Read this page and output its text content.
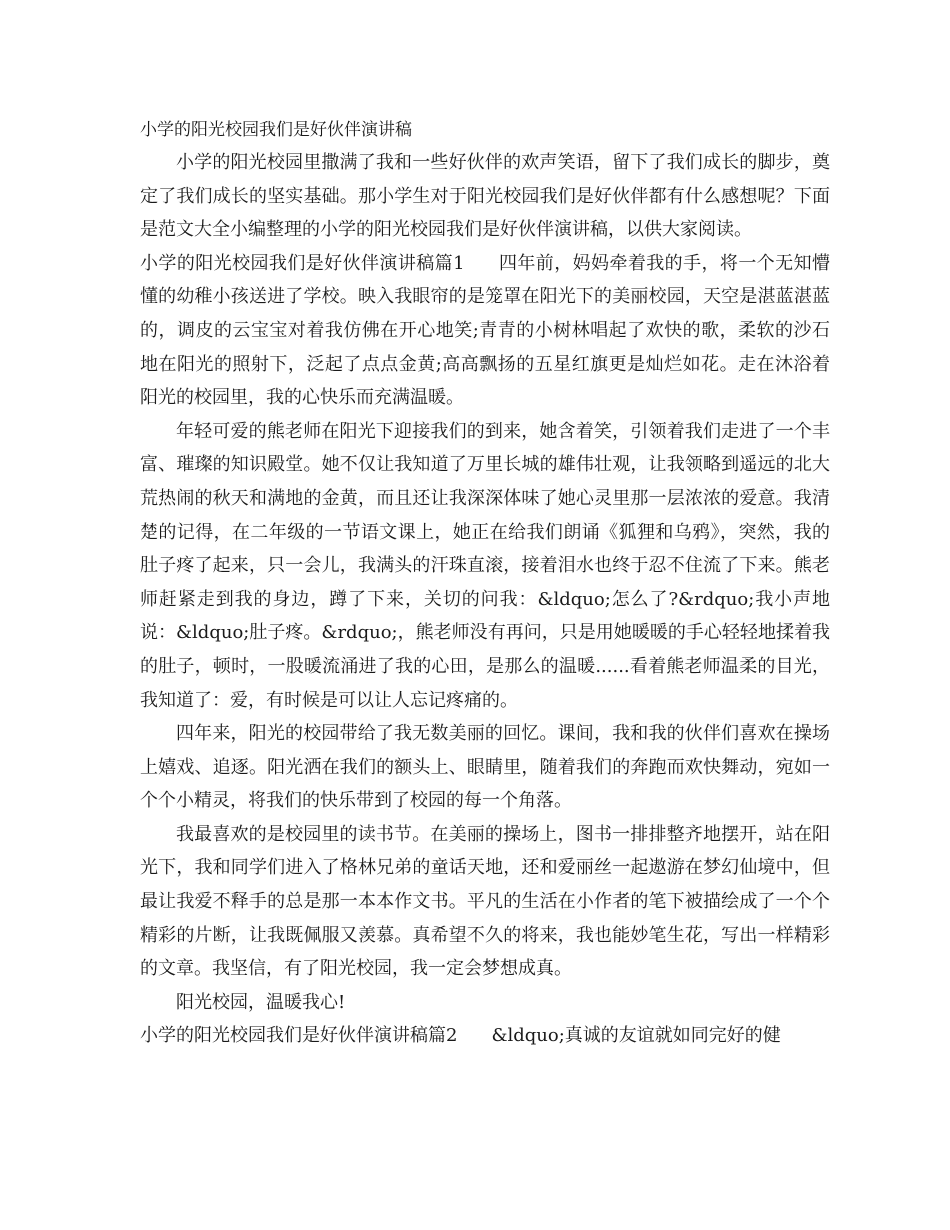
小学的阳光校园我们是好伙伴演讲稿

小学的阳光校园里撒满了我和一些好伙伴的欢声笑语，留下了我们成长的脚步，奠定了我们成长的坚实基础。那小学生对于阳光校园我们是好伙伴都有什么感想呢？下面是范文大全小编整理的小学的阳光校园我们是好伙伴演讲稿，以供大家阅读。

小学的阳光校园我们是好伙伴演讲稿篇1 四年前，妈妈牵着我的手，将一个无知懵懂的幼稚小孩送进了学校。映入我眼帘的是笼罩在阳光下的美丽校园，天空是湛蓝湛蓝的，调皮的云宝宝对着我仿佛在开心地笑;青青的小树林唱起了欢快的歌，柔软的沙石地在阳光的照射下，泛起了点点金黄;高高飘扬的五星红旗更是灿烂如花。走在沐浴着阳光的校园里，我的心快乐而充满温暖。

年轻可爱的熊老师在阳光下迎接我们的到来，她含着笑，引领着我们走进了一个丰富、璀璨的知识殿堂。她不仅让我知道了万里长城的雄伟壮观，让我领略到遥远的北大荒热闹的秋天和满地的金黄，而且还让我深深体味了她心灵里那一层浓浓的爱意。我清楚的记得，在二年级的一节语文课上，她正在给我们朗诵《狐狸和乌鸦》，突然，我的肚子疼了起来，只一会儿，我满头的汗珠直滚，接着泪水也终于忍不住流了下来。熊老师赶紧走到我的身边，蹲了下来，关切的问我：&ldquo;怎么了?&rdquo;我小声地说：&ldquo;肚子疼。&rdquo;，熊老师没有再问，只是用她暖暖的手心轻轻地揉着我的肚子，顿时，一股暖流涌进了我的心田，是那么的温暖......看着熊老师温柔的目光，我知道了：爱，有时候是可以让人忘记疼痛的。

四年来，阳光的校园带给了我无数美丽的回忆。课间，我和我的伙伴们喜欢在操场上嬉戏、追逐。阳光洒在我们的额头上、眼睛里，随着我们的奔跑而欢快舞动，宛如一个个小精灵，将我们的快乐带到了校园的每一个角落。

我最喜欢的是校园里的读书节。在美丽的操场上，图书一排排整齐地摆开，站在阳光下，我和同学们进入了格林兄弟的童话天地，还和爱丽丝一起遨游在梦幻仙境中，但最让我爱不释手的总是那一本本作文书。平凡的生活在小作者的笔下被描绘成了一个个精彩的片断，让我既佩服又羡慕。真希望不久的将来，我也能妙笔生花，写出一样精彩的文章。我坚信，有了阳光校园，我一定会梦想成真。

阳光校园，温暖我心!

小学的阳光校园我们是好伙伴演讲稿篇2 &ldquo;真诚的友谊就如同完好的健
